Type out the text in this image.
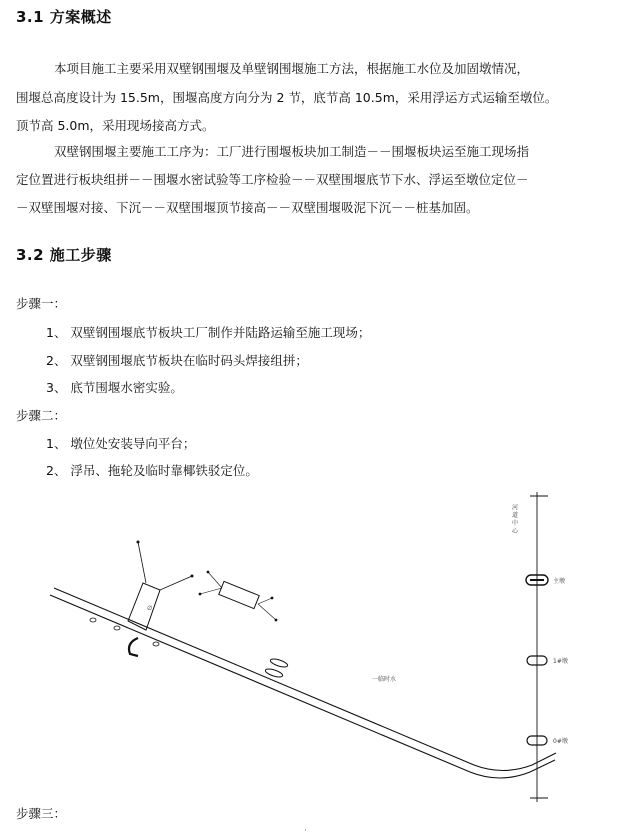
3.1 方案概述
本项目施工主要采用双壁钢围堰及单壁钢围堰施工方法，根据施工水位及加固墩情况，
围堰总高度设计为 15.5m，围堰高度方向分为 2 节，底节高 10.5m，采用浮运方式运输至墩位。
顶节高 5.0m，采用现场接高方式。
双壁钢围堰主要施工工序为：工厂进行围堰板块加工制造－－围堰板块运至施工现场指
定位置进行板块组拼－－围堰水密试验等工序检验－－双壁围堰底节下水、浮运至墩位定位－
－双壁围堰对接、下沉－－双壁围堰顶节接高－－双壁围堰吸泥下沉－－桩基加固。
3.2 施工步骤
步骤一：
1、 双壁钢围堰底节板块工厂制作并陆路运输至施工现场；
2、 双壁钢围堰底节板块在临时码头焊接组拼；
3、 底节围堰水密实验。
步骤二：
1、 墩位处安装导向平台；
2、 浮吊、拖轮及临时靠椰铁驳定位。
∅
一临时水
河 道 中 心
主墩
1#墩
0#墩
步骤三：
·
